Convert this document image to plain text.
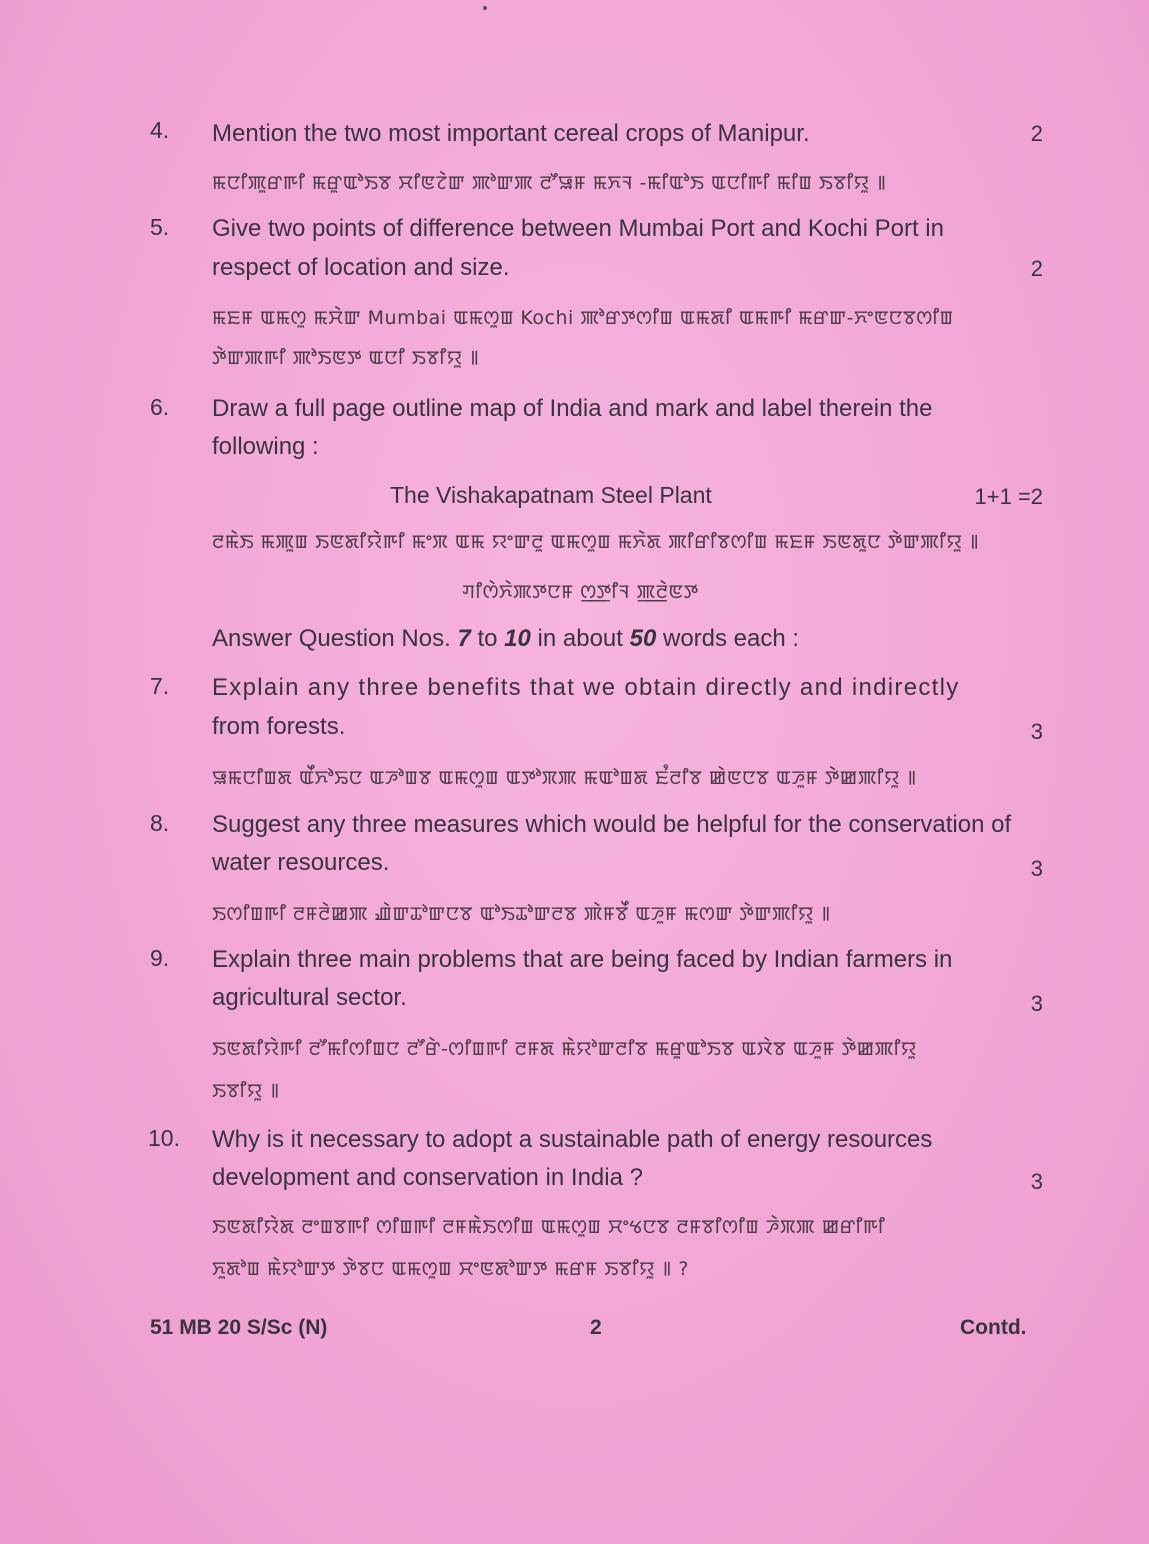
4. Mention the two most important cereal crops of Manipur.	2
ꯃꯅꯤꯄꯨꯔꯒꯤ ꯃꯔꯨꯑꯣꯏꯕ ꯆꯤꯟꯖꯥꯛ ꯄꯣꯛꯄ ꯂꯧꯎꯝ ꯃꯈꯜ -ꯃꯤꯑꯣꯏ ꯑꯅꯤꯒꯤ ꯃꯤꯡ ꯏꯕꯤꯌꯨ ꯫
5. Give two points of difference between Mumbai Port and Kochi Port in
respect of location and size.	2
ꯃꯐꯝ ꯑꯃꯁꯨ ꯃꯆꯥꯛ Mumbai ꯑꯃꯁꯨꯡ Kochi ꯄꯣꯔꯇꯁꯤꯡ ꯑꯃꯗꯤ ꯑꯃꯒꯤ ꯃꯔꯛ-ꯈꯦꯟꯅꯕꯁꯤꯡ
ꯇꯥꯛꯄꯒꯤ ꯄꯣꯏꯟꯇ ꯑꯅꯤ ꯏꯕꯤꯌꯨ ꯫
6. Draw a full page outline map of India and mark and label therein the
following :
The Vishakapatnam Steel Plant	1+1 =2
ꯂꯃꯥꯏ ꯃꯄꯨꯡ ꯏꯟꯗꯤꯌꯥꯒꯤ ꯃꯦꯞ ꯑꯃ ꯌꯦꯛꯂꯨ ꯑꯃꯁꯨꯡ ꯃꯈꯥꯗ ꯄꯤꯔꯤꯕꯁꯤꯡ ꯃꯐꯝ ꯏꯟꯗꯨꯅ ꯇꯥꯛꯄꯤꯌꯨ ꯫
ꯚꯤꯁꯥꯈꯥꯄꯇꯅꯝ ꯁ꯭ꯇꯤꯜ ꯄ꯭ꯂꯥꯟꯇ
Answer Question Nos. 7 to 10 in about 50 words each :
7. Explain any three benefits that we obtain directly and indirectly
from forests.	3
ꯎꯃꯅꯤꯡꯗ ꯑꯩꯈꯣꯢꯅ ꯑꯍꯣꯡꯕ ꯑꯃꯁꯨꯡ ꯑꯇꯣꯞꯄ ꯃꯑꯣꯡꯗ ꯐꯪꯂꯤꯕ ꯀꯥꯟꯅꯕ ꯑꯍꯨꯝ ꯇꯥꯀꯄꯤꯌꯨ ꯫
8. Suggest any three measures which would be helpful for the conservation of
water resources.	3
ꯏꯁꯤꯡꯒꯤ ꯂꯝꯂꯥꯀꯄ ꯉꯥꯛꯊꯣꯛꯅꯕ ꯑꯣꯏꯊꯣꯛꯂꯕ ꯄꯥꯝꯕꯩ ꯑꯍꯨꯝ ꯃꯁꯛ ꯇꯥꯛꯄꯤꯌꯨ ꯫
9. Explain three main problems that are being faced by Indian farmers in
agricultural sector.	3
ꯏꯟꯗꯤꯌꯥꯒꯤ ꯂꯧꯃꯤꯁꯤꯡꯅ ꯂꯧꯔꯥ-ꯁꯤꯡꯒꯤ ꯂꯝꯗ ꯃꯥꯌꯣꯛꯂꯤꯕ ꯃꯔꯨꯑꯣꯏꯕ ꯑꯋꯥꯕ ꯑꯍꯨꯝ ꯇꯥꯀꯄꯤꯌꯨ
ꯏꯕꯤꯌꯨ ꯫
10. Why is it necessary to adopt a sustainable path of energy resources
development and conservation in India ?	3
ꯏꯟꯗꯤꯌꯥꯗ ꯂꯦꯡꯕꯒꯤ ꯁꯤꯡꯒꯤ ꯂꯝꯃꯥꯏꯁꯤꯡ ꯑꯃꯁꯨꯡ ꯆꯦꯠꯅꯕ ꯂꯝꯕꯤꯁꯤꯡ ꯍꯥꯞꯄ ꯀꯔꯤꯒꯤ
ꯈꯨꯗꯣꯡ ꯃꯥꯌꯣꯛꯇ ꯇꯥꯕꯅ ꯑꯃꯁꯨꯡ ꯆꯦꯟꯗꯣꯛꯇ ꯃꯔꯝ ꯏꯕꯤꯌꯨ ꯫ ?
51 MB 20 S/Sc (N)	2	Contd.
